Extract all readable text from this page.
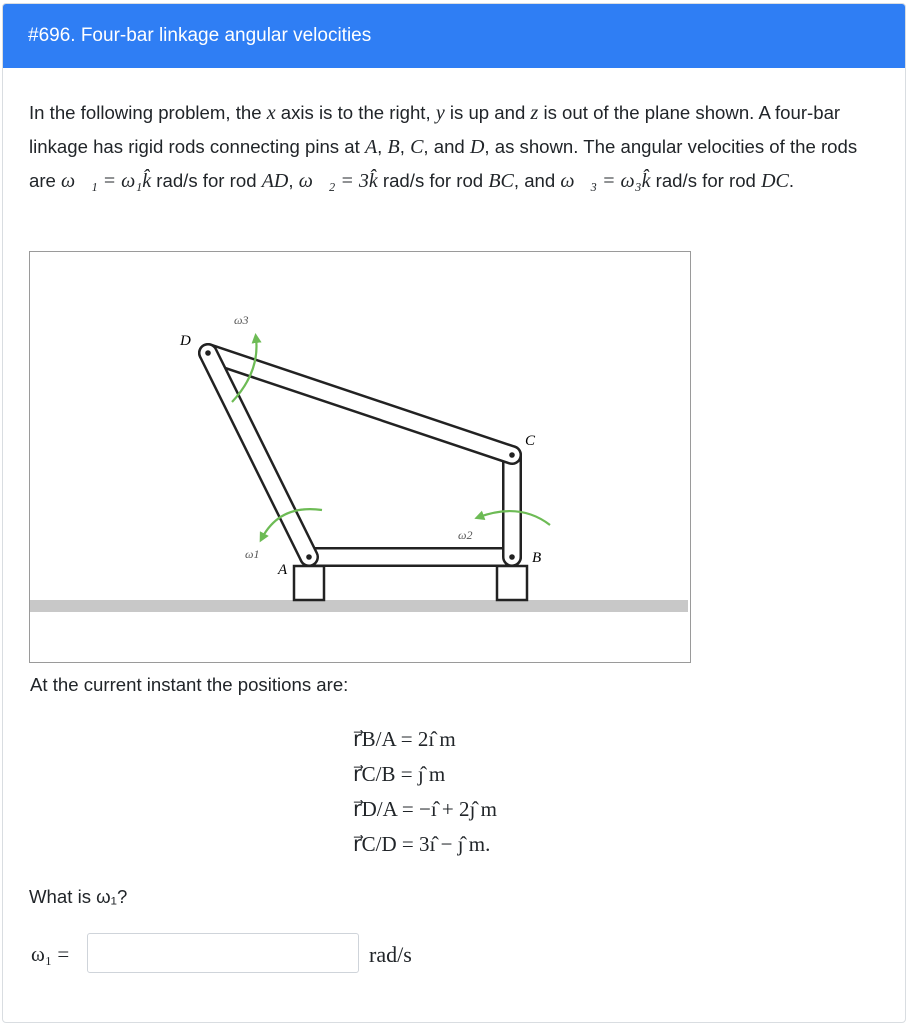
#696. Four-bar linkage angular velocities
In the following problem, the x axis is to the right, y is up and z is out of the plane shown. A four-bar linkage has rigid rods connecting pins at A, B, C, and D, as shown. The angular velocities of the rods are ω⃗₁ = ω₁k̂ rad/s for rod AD, ω⃗₂ = 3k̂ rad/s for rod BC, and ω⃗₃ = ω₃k̂ rad/s for rod DC.
A
B
C
D
ω1
ω2
ω3
At the current instant the positions are:
r⃗B/A = 2ı̂ m
r⃗C/B = ȷ̂ m
r⃗D/A = −ı̂ + 2ȷ̂ m
r⃗C/D = 3ı̂ − ȷ̂ m.
What is ω₁?
ω₁ =	rad/s
